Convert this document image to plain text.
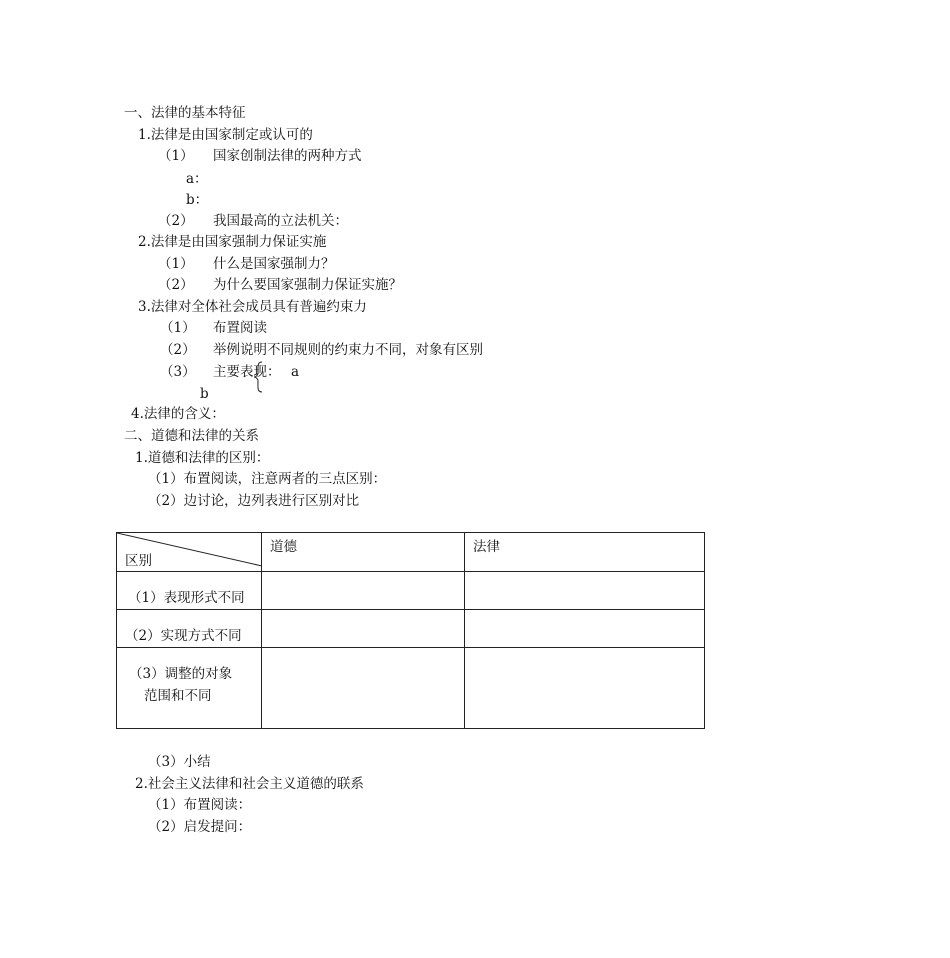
一、法律的基本特征
1.法律是由国家制定或认可的
（1） 国家创制法律的两种方式
a：
b：
（2） 我国最高的立法机关：
2.法律是由国家强制力保证实施
（1） 什么是国家强制力？
（2） 为什么要国家强制力保证实施？
3.法律对全体社会成员具有普遍约束力
（1） 布置阅读
（2） 举例说明不同规则的约束力不同，对象有区别
（3） 主要表现： a
b
4.法律的含义：
二、道德和法律的关系
1.道德和法律的区别：
（1）布置阅读，注意两者的三点区别：
（2）边讨论，边列表进行区别对比
区别	道德	法律

（1）表现形式不同		

（2）实现方式不同		

（3）调整的对象
范围和不同		

（3）小结
2.社会主义法律和社会主义道德的联系
（1）布置阅读：
（2）启发提问：
